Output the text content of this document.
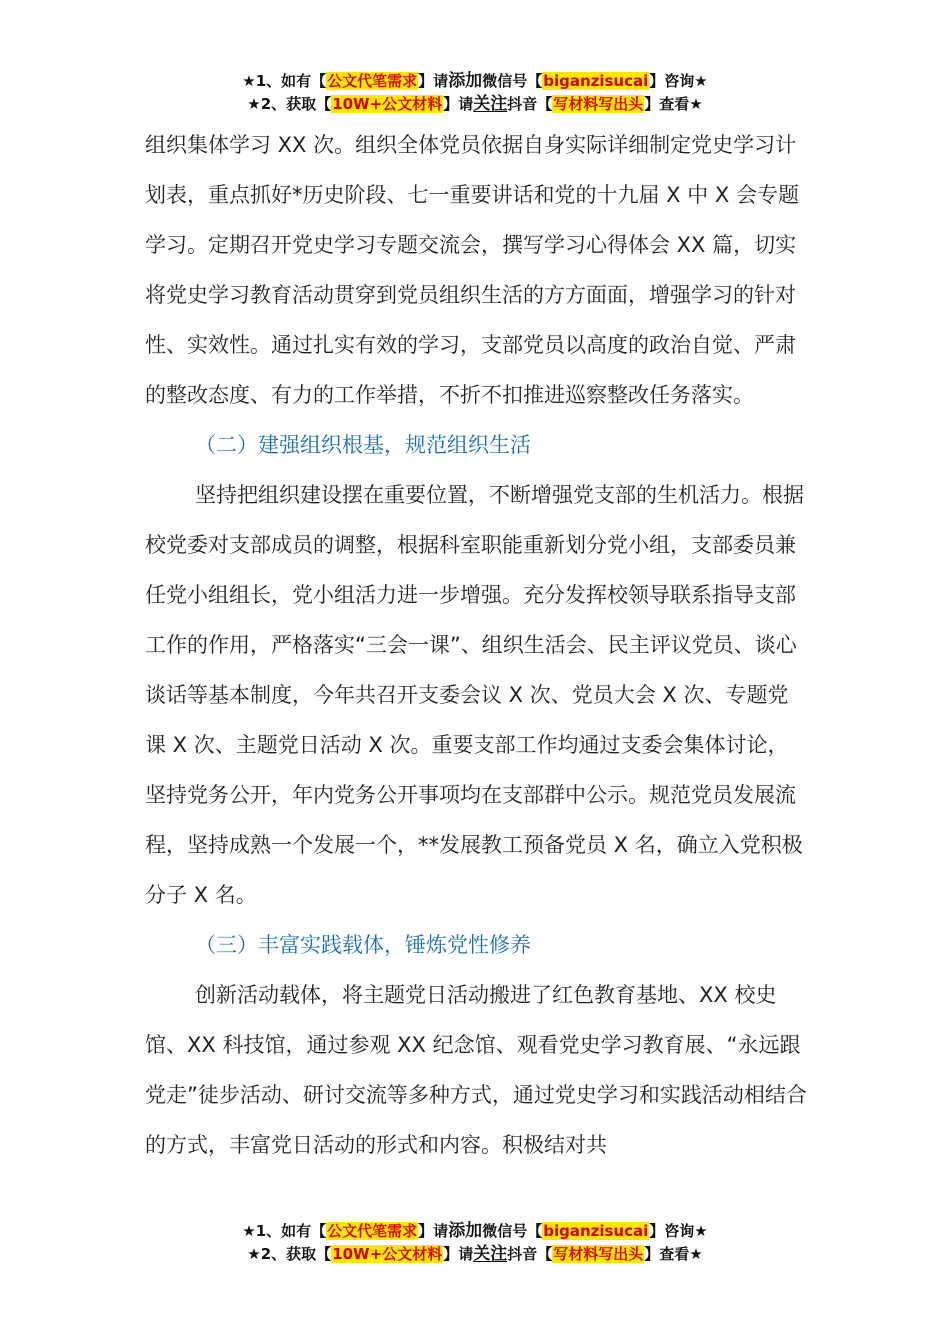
★1、如有【公文代笔需求】请添加微信号【biganzisucai】咨询★
★2、获取【10W+公文材料】请关注抖音【写材料写出头】查看★

组织集体学习 XX 次。组织全体党员依据自身实际详细制定党史学习计划表，重点抓好*历史阶段、七一重要讲话和党的十九届 X 中 X 会专题学习。定期召开党史学习专题交流会，撰写学习心得体会 XX 篇，切实将党史学习教育活动贯穿到党员组织生活的方方面面，增强学习的针对性、实效性。通过扎实有效的学习，支部党员以高度的政治自觉、严肃的整改态度、有力的工作举措，不折不扣推进巡察整改任务落实。

（二）建强组织根基，规范组织生活

坚持把组织建设摆在重要位置，不断增强党支部的生机活力。根据校党委对支部成员的调整，根据科室职能重新划分党小组，支部委员兼任党小组组长，党小组活力进一步增强。充分发挥校领导联系指导支部工作的作用，严格落实“三会一课”、组织生活会、民主评议党员、谈心谈话等基本制度，今年共召开支委会议 X 次、党员大会 X 次、专题党课 X 次、主题党日活动 X 次。重要支部工作均通过支委会集体讨论，坚持党务公开，年内党务公开事项均在支部群中公示。规范党员发展流程，坚持成熟一个发展一个，**发展教工预备党员 X 名，确立入党积极分子 X 名。

（三）丰富实践载体，锤炼党性修养

创新活动载体，将主题党日活动搬进了红色教育基地、XX 校史馆、XX 科技馆，通过参观 XX 纪念馆、观看党史学习教育展、“永远跟党走”徒步活动、研讨交流等多种方式，通过党史学习和实践活动相结合的方式，丰富党日活动的形式和内容。积极结对共

★1、如有【公文代笔需求】请添加微信号【biganzisucai】咨询★
★2、获取【10W+公文材料】请关注抖音【写材料写出头】查看★
